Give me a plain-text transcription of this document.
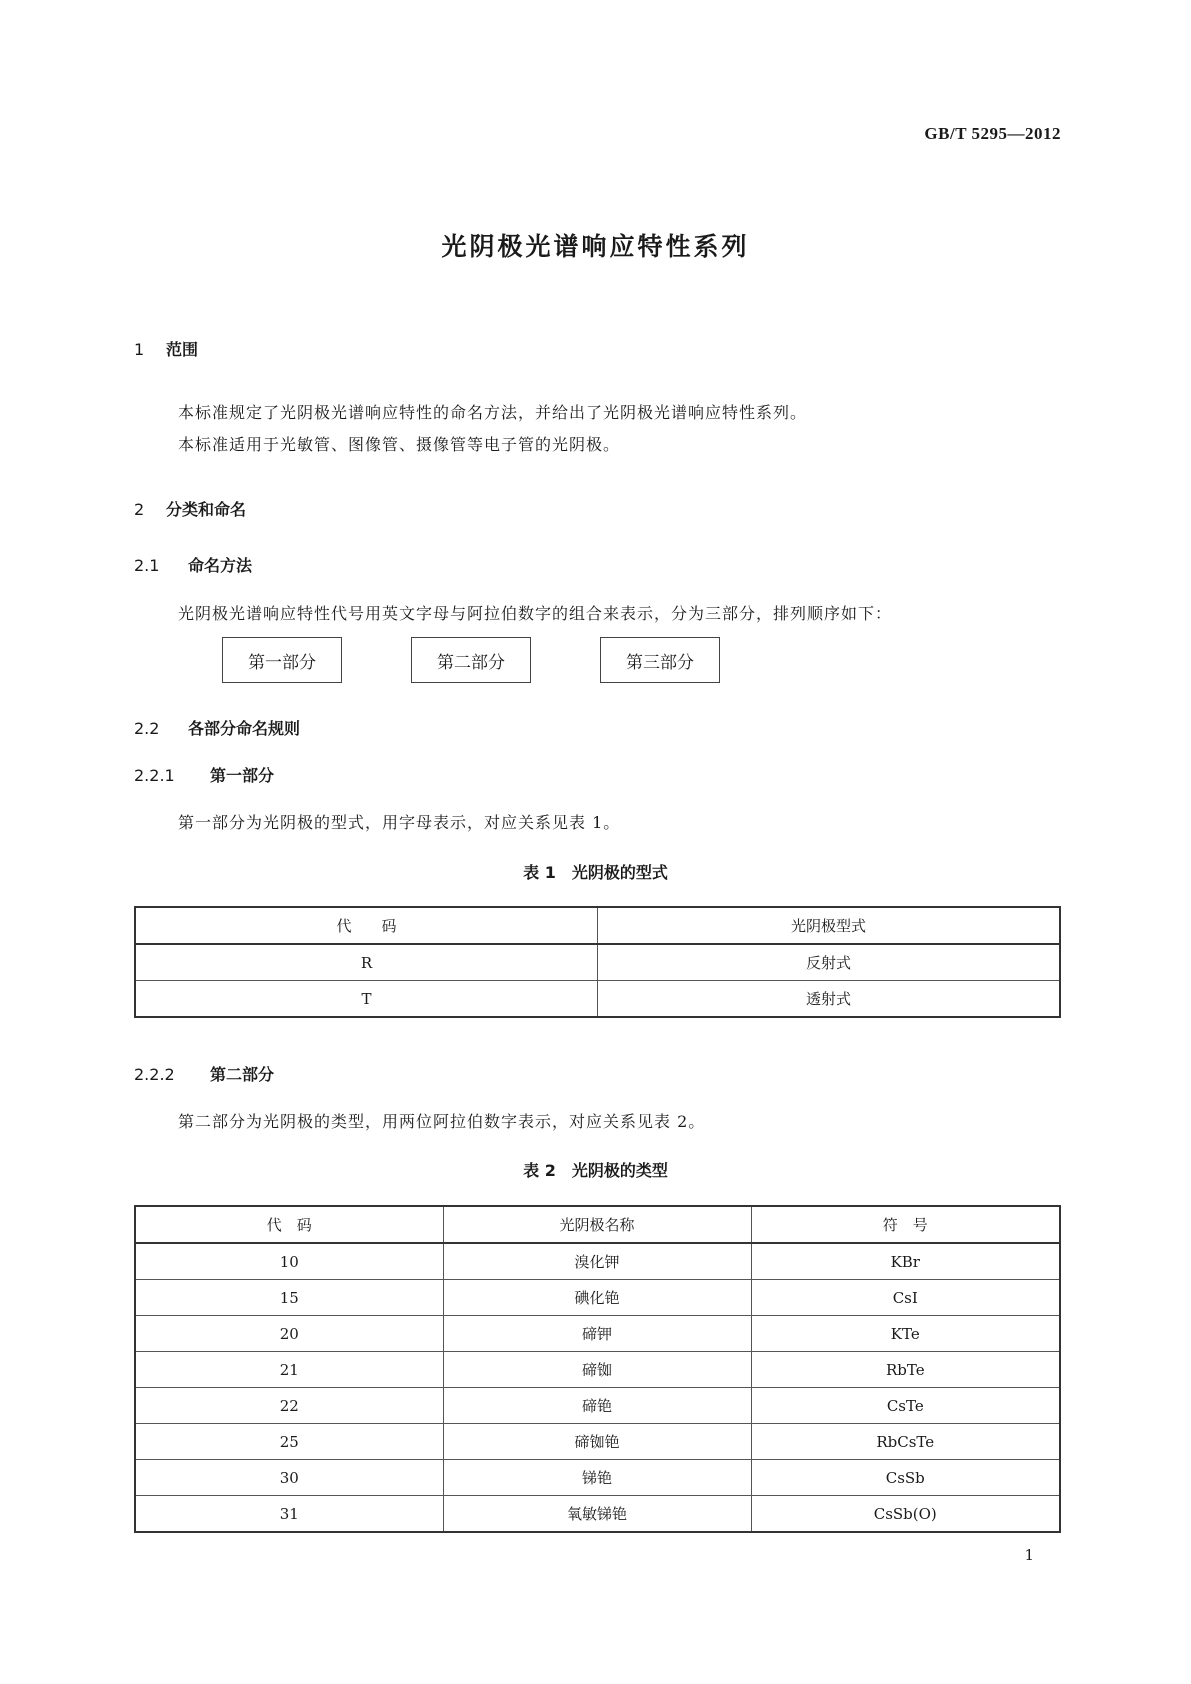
GB/T 5295—2012
光阴极光谱响应特性系列
1 范围
本标准规定了光阴极光谱响应特性的命名方法，并给出了光阴极光谱响应特性系列。
本标准适用于光敏管、图像管、摄像管等电子管的光阴极。
2 分类和命名
2.1 命名方法
光阴极光谱响应特性代号用英文字母与阿拉伯数字的组合来表示，分为三部分，排列顺序如下：
第一部分	第二部分	第三部分
2.2 各部分命名规则
2.2.1 第一部分
第一部分为光阴极的型式，用字母表示，对应关系见表 1。
表 1　光阴极的型式
代　　码	光阴极型式
R	反射式
T	透射式
2.2.2 第二部分
第二部分为光阴极的类型，用两位阿拉伯数字表示，对应关系见表 2。
表 2　光阴极的类型
代　码	光阴极名称	符　号
10	溴化钾	KBr
15	碘化铯	CsI
20	碲钾	KTe
21	碲铷	RbTe
22	碲铯	CsTe
25	碲铷铯	RbCsTe
30	锑铯	CsSb
31	氧敏锑铯	CsSb(O)
1
